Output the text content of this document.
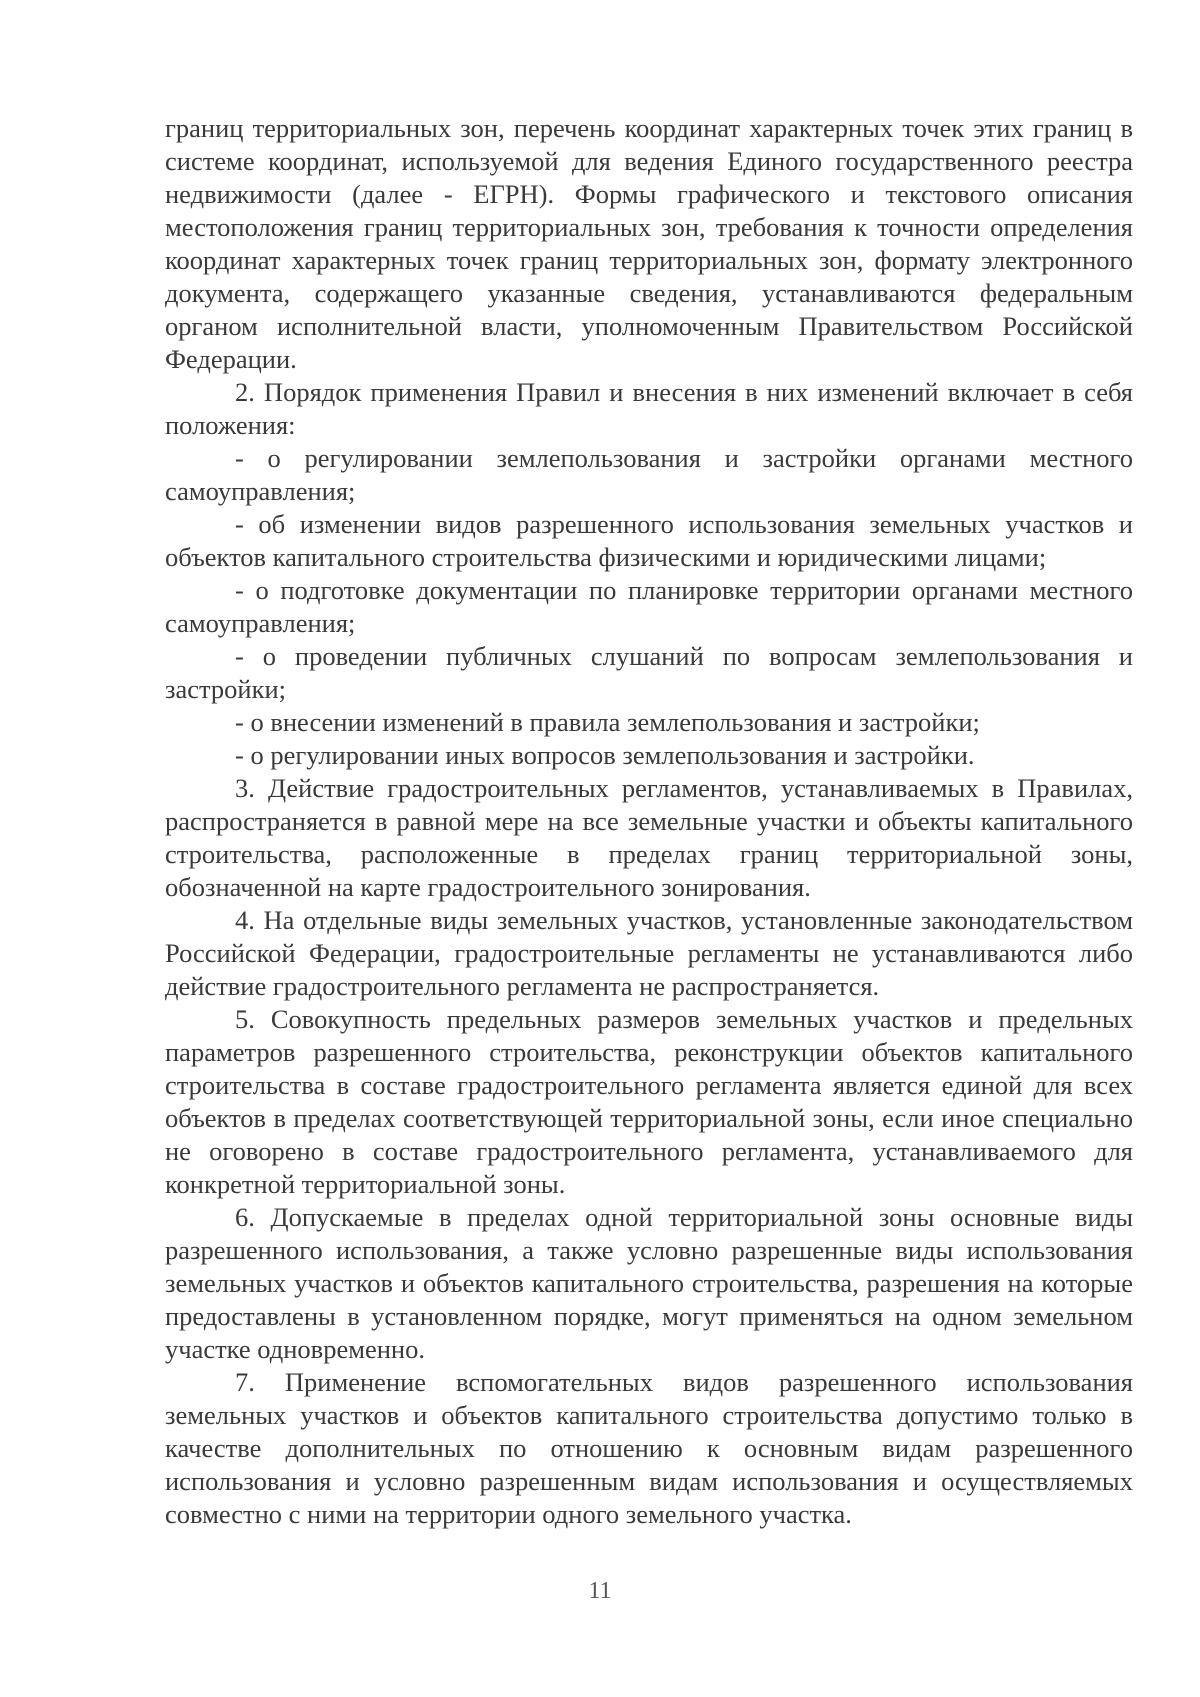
границ территориальных зон, перечень координат характерных точек этих границ в системе координат, используемой для ведения Единого государственного реестра недвижимости (далее - ЕГРН). Формы графического и текстового описания местоположения границ территориальных зон, требования к точности определения координат характерных точек границ территориальных зон, формату электронного документа, содержащего указанные сведения, устанавливаются федеральным органом исполнительной власти, уполномоченным Правительством Российской Федерации.

2. Порядок применения Правил и внесения в них изменений включает в себя положения:

- о регулировании землепользования и застройки органами местного самоуправления;

- об изменении видов разрешенного использования земельных участков и объектов капитального строительства физическими и юридическими лицами;

- о подготовке документации по планировке территории органами местного самоуправления;

- о проведении публичных слушаний по вопросам землепользования и застройки;

- о внесении изменений в правила землепользования и застройки;

- о регулировании иных вопросов землепользования и застройки.

3. Действие градостроительных регламентов, устанавливаемых в Правилах, распространяется в равной мере на все земельные участки и объекты капитального строительства, расположенные в пределах границ территориальной зоны, обозначенной на карте градостроительного зонирования.

4. На отдельные виды земельных участков, установленные законодательством Российской Федерации, градостроительные регламенты не устанавливаются либо действие градостроительного регламента не распространяется.

5. Совокупность предельных размеров земельных участков и предельных параметров разрешенного строительства, реконструкции объектов капитального строительства в составе градостроительного регламента является единой для всех объектов в пределах соответствующей территориальной зоны, если иное специально не оговорено в составе градостроительного регламента, устанавливаемого для конкретной территориальной зоны.

6. Допускаемые в пределах одной территориальной зоны основные виды разрешенного использования, а также условно разрешенные виды использования земельных участков и объектов капитального строительства, разрешения на которые предоставлены в установленном порядке, могут применяться на одном земельном участке одновременно.

7. Применение вспомогательных видов разрешенного использования земельных участков и объектов капитального строительства допустимо только в качестве дополнительных по отношению к основным видам разрешенного использования и условно разрешенным видам использования и осуществляемых совместно с ними на территории одного земельного участка.

11
